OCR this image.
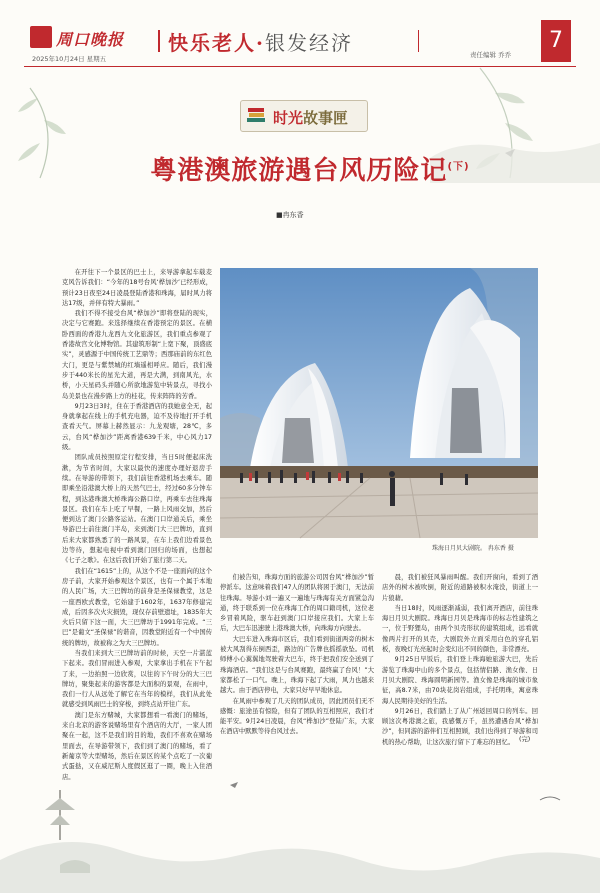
周口晚报
2025年10月24日 星期五
快乐老人·银发经济	责任编辑 乔乔
7
时光故事匣
粤港澳旅游遇台风历险记$^{(下)}$
■冉东香

在开往下一个景区的巴士上，来导游拿起车载麦克风告诉我们：“今年的18号台风‘桦加沙’已经形成，预计23日夜至24日凌晨登陆香港和珠海，届时风力将达17级，并伴有特大暴雨。”

我们不得不接受台风“桦加沙”即将登陆的现实，决定与它赛跑。来选择继续在香港预定的景区。在横卧西面的香港九龙西九文化旅游区，我们重点参观了香港故宫文化博物馆。其建筑形制“上宽下聚，顶盛底实”，灵感源于中国传统工艺鼎等；西那庙前的东红色大门，更是与紫禁城的红墙遥相呼应。随后，我们漫步于440米长的星光大道，再是大满，到南风光，水桥，小天星码头并随心所欲地游览中转景点，寻找小岛美景也在漫步路上方的桂花，传来阵阵的芳香。

9月23日3时，住在于香港酒店的我她意全无，起身就拿起在线上的手机充电器，迫不及待地打开手机查看天气。屏幕上赫然显示：九龙观塘，28℃，多云，台风“桦加沙”距离香港639千米，中心风力17级。

团队成员按照原定行程安排，当日5时便起床洗漱，为节省时间，大家以最快的速度办理好退房手续。在导游的带领下，我们前往香港机场去乘车。随即乘坐沿港澳大桥上的天然气巴士，经过60多分钟车程，到达港珠澳大桥珠海公路口岸，再乘车去往珠海景区。我们在车上吃了早餐，一路上风雨交加，然后便到达了澳门公路客运站。在澳门口岸通关后，乘坐导游巴士前往澳门半岛，来到澳门大三巴牌坊，直到后来大家都熟悉了的一路风景，在车上我们边看景色边等待，想起电视中看到澳门回归的场面，也想起《七子之歌》。在这后我们开始了旅行第二天。

我们在“1615”上的，从这个不是一座面向的这个房子前，大家开始参观这个景区，也有一个属于本地的人民广场，大三巴牌坊的前身是圣保禄教堂，这是一座西欧式教堂，它始建于1602年，1637年修建完成，后因多次火灾损毁，现仅存前壁遗址，1835年大火后只留下这一面，大三巴牌坊于1991年完成。“三巴”是葡文“圣保禄”的谐音，因教堂附近有一个中国传统的牌坊，故被称之为大三巴牌坊。

当我们来到大三巴牌坊前的时候，天空一片湛蓝下起来。我们冒雨进入参观，大家拿出手机在下午起了来，一边拍照一边欣赏，以往的下午时分的大三巴牌坊，聚集起来的游客都是大面积的景观，在雨中，我们一行人从远处了解它在当年的模样，我们从此处就感受到风雨巴士的穿梭，到终点站开往广东。

澳门是东方赌城，大家都想看一看澳门的赌场，来自北京的游客说赌场里有个酒店的大厅，一家人团聚在一起，这不是我们的目的地，我们不喜欢在赌场里面去，在导游带领下，我们到了澳门的赌场，看了新葡京等大型赌场，然后在景区的某个点吃了一次葡式蛋挞，又在威尼斯人度假区逛了一圈，晚上入住酒店。

珠海日月贝大剧院。 冉东香 摄

们被告知，珠海方面的旅游公司因台风“桦加沙”暂停派车。这意味着我们47人的团队将困于澳门，无法前往珠海。导游小刘一遍又一遍地与珠海有关方面紧急沟通，终于联系到一位在珠海工作的周口籍司机，这位老乡冒着风险，驱车赶到澳门口岸接应我们。大家上车后，大巴车迅速驶上港珠澳大桥，向珠海方向驶去。

大巴车进入珠海市区后，我们看到街道两旁的树木被大风刮得东倒西歪，路边的广告牌也摇摇欲坠。司机师傅小心翼翼地驾驶着大巴车，终于把我们安全送到了珠海酒店。“我们这是与台风赛跑，最终赢了台风！”大家都松了一口气。晚上，珠海下起了大雨，风力也越来越大。由于酒店停电，大家只好早早地休息。

在风雨中参观了几天的团队成员，因此团员们无不感慨：旅途虽有惊险，但有了团队的互相照应，我们才能平安。9月24日凌晨，台风“桦加沙”登陆广东，大家在酒店中默默等待台风过去。

晨，我们被狂风暴雨叫醒。我们开窗向，看到了酒店外的树木被吹倒，附近的道路被积水淹没，街道上一片狼藉。

当日18时，风雨逐渐减弱，我们离开酒店，前往珠海日月贝大剧院。珠海日月贝是珠海市的标志性建筑之一，位于野狸岛，由两个贝壳形状的建筑组成，远看就像两片打开的贝壳，大剧院外立面采用白色的穿孔铝板，夜晚灯光亮起时会变幻出不同的颜色，非常漂亮。

9月25日早饭后，我们登上珠海她旅游大巴，先后游览了珠海中山的多个景点，包括情侣路、渔女像、日月贝大剧院、珠海圆明新园等。渔女像是珠海的城市象征，高8.7米，由70块花岗岩组成，手托明珠，寓意珠海人民期待美好的生活。

9月26日，我们踏上了从广州返回周口的列车。回顾这次粤港澳之旅，我感慨万千，虽然遭遇台风“桦加沙”，但同游的游伴们互相照顾，我们也得到了导游和司机的热心帮助，让这次旅行留下了难忘的回忆。 (完)
